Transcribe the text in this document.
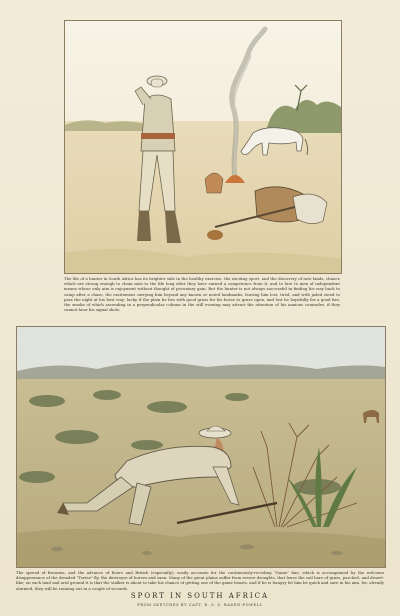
The life of a hunter in South Africa has its brighter side in the healthy exercise, the exciting sport, and the discovery of new lands, chance which are strong enough to chain men to the life long after they have earned a competence from it, and to lure to men of independent means whose only aim is enjoyment without thought of pecuniary gain. But the hunter is not always successful in finding his way back to camp after a chase, the excitement carrying him beyond any known or noted landmarks, leaving him lost, tired, and with jaded steed to pass the night at his best way; lucky if the plain he lies with good grass for his horse to graze upon, and lost he hopefully for a good fire, the smoke of which ascending in a perpendicular column in the still evening may attract the attention of his anxious comrades, if they cannot hear his signal shots.

The spread of firearms, and the advance of Boers and British (especially), easily accounts for the continuously-receding "Game" line, which is accompanied by the welcome disappearance of the dreaded "Tsetse" fly, the destroyer of horses and oxen. Many of the great plains suffer from severe droughts, that leave the soil bare of grass, parched, and desert-like; on such land and arid ground it is that the stalker is about to take his chance of getting one of the game beasts, and if he is hungry let him be quick and sure in his aim, for, already alarmed, they will be running out in a couple of seconds.

SPORT IN SOUTH AFRICA

FROM SKETCHES BY CAPT. R. S. S. BADEN-POWELL
